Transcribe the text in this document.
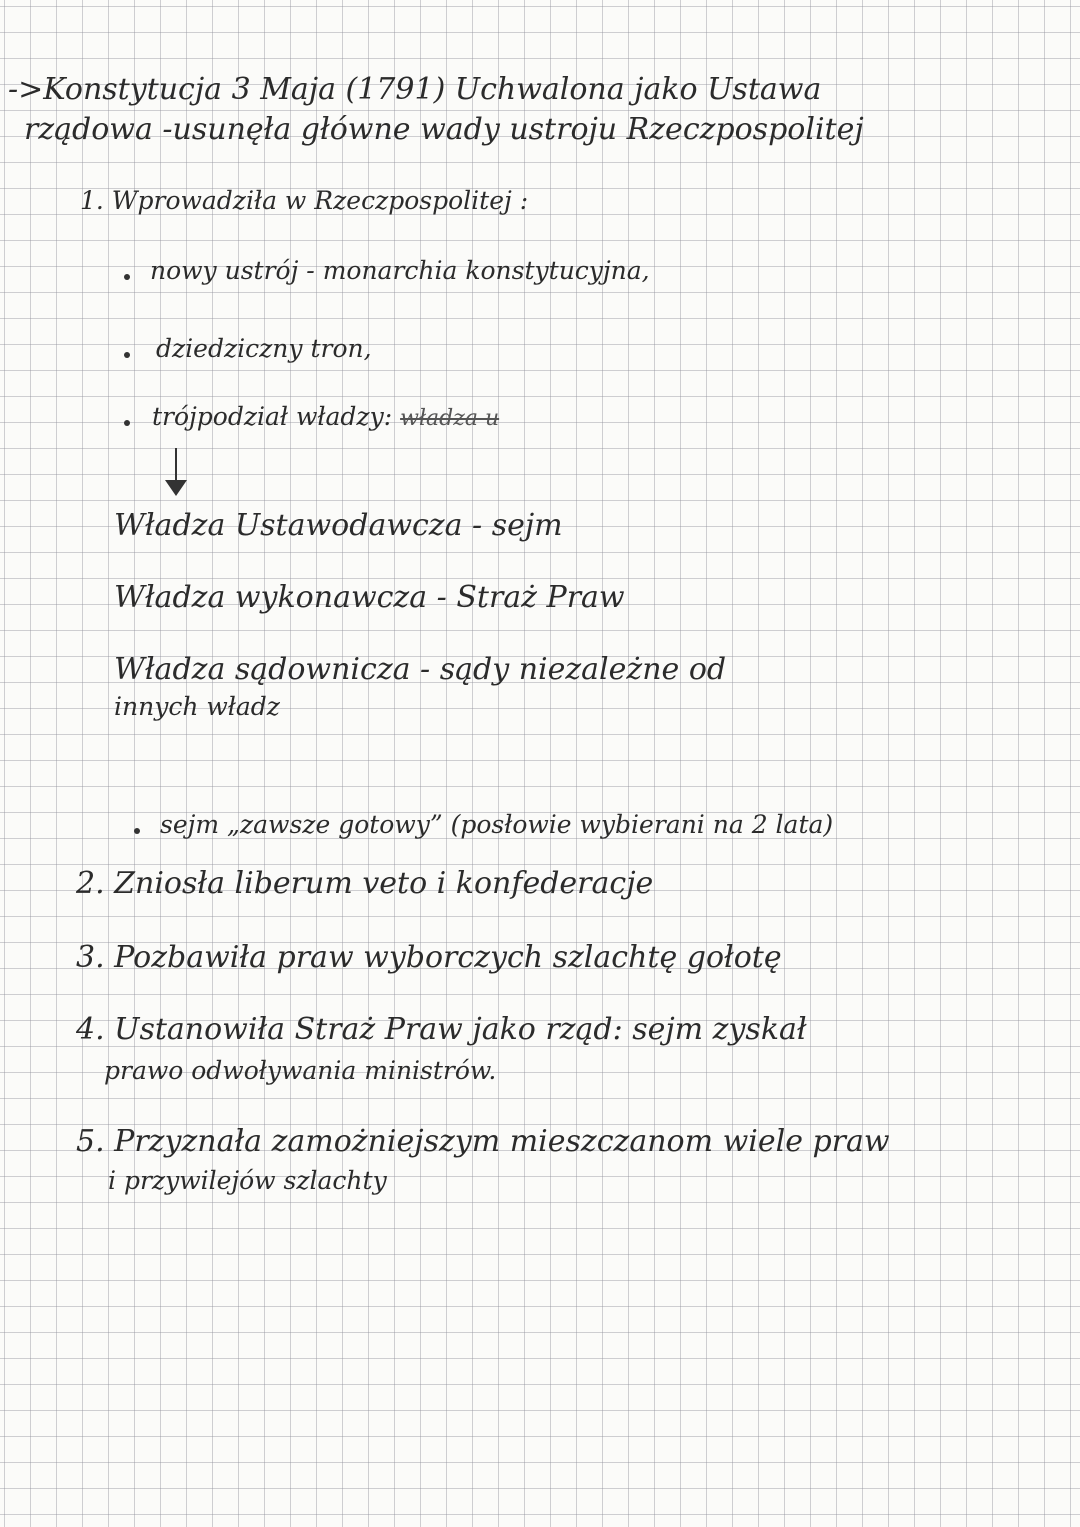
->Konstytucja 3 Maja (1791) Uchwalona jako Ustawa
rządowa -usunęła główne wady ustroju Rzeczpospolitej
1. Wprowadziła w Rzeczpospolitej :
nowy ustrój - monarchia konstytucyjna,
dziedziczny tron,
trójpodział władzy: władza u
Władza Ustawodawcza - sejm
Władza wykonawcza - Straż Praw
Władza sądownicza - sądy niezależne od
innych władz
sejm „zawsze gotowy” (posłowie wybierani na 2 lata)
2. Zniosła liberum veto i konfederacje
3. Pozbawiła praw wyborczych szlachtę gołotę
4. Ustanowiła Straż Praw jako rząd: sejm zyskał
prawo odwoływania ministrów.
5. Przyznała zamożniejszym mieszczanom wiele praw
i przywilejów szlachty
